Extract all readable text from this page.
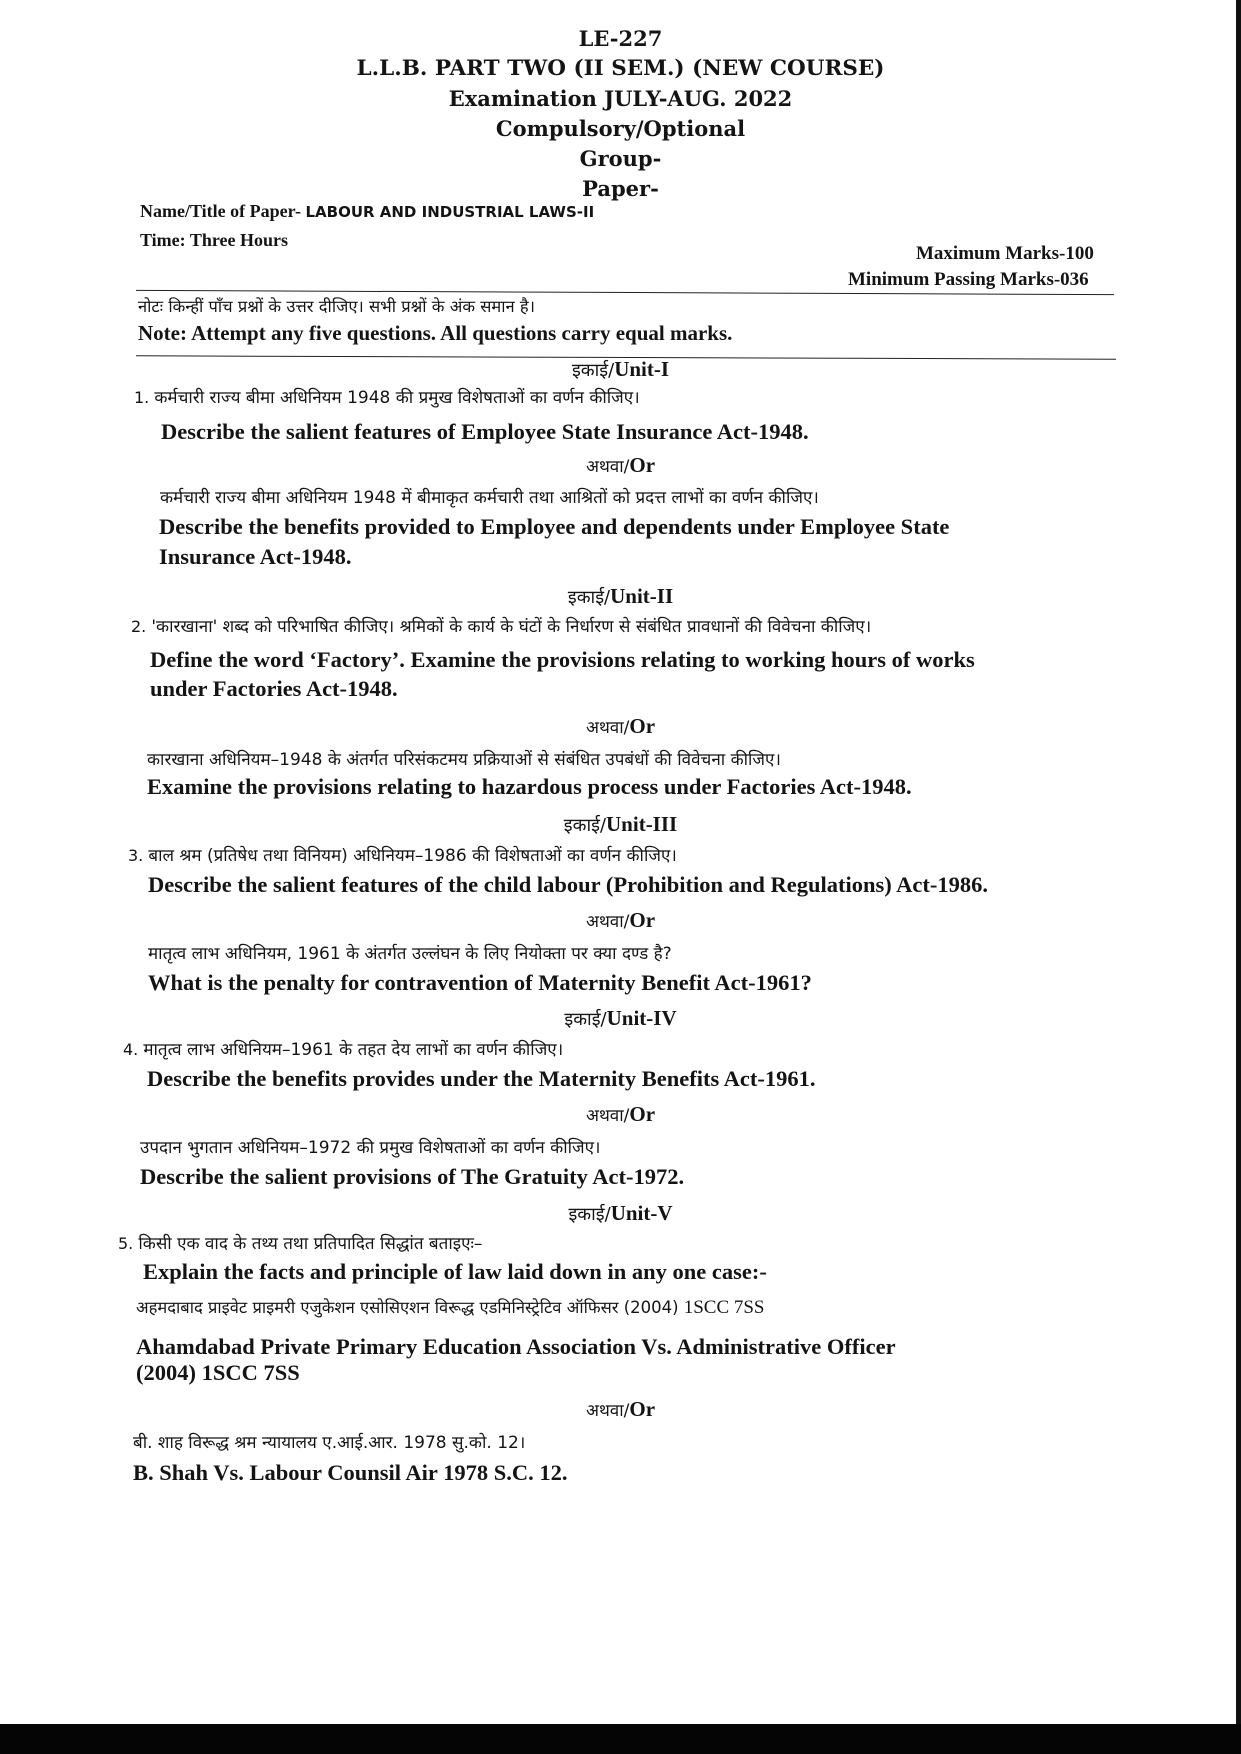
LE-227
L.L.B. PART TWO (II SEM.) (NEW COURSE)
Examination JULY-AUG. 2022
Compulsory/Optional
Group-
Paper-
Name/Title of Paper- LABOUR AND INDUSTRIAL LAWS-II
Time: Three Hours
Maximum Marks-100
Minimum Passing Marks-036
नोटः किन्हीं पाँच प्रश्नों के उत्तर दीजिए। सभी प्रश्नों के अंक समान है।
Note: Attempt any five questions. All questions carry equal marks.
इकाई/Unit-I
1. कर्मचारी राज्य बीमा अधिनियम 1948 की प्रमुख विशेषताओं का वर्णन कीजिए।
Describe the salient features of Employee State Insurance Act-1948.
अथवा/Or
कर्मचारी राज्य बीमा अधिनियम 1948 में बीमाकृत कर्मचारी तथा आश्रितों को प्रदत्त लाभों का वर्णन कीजिए।
Describe the benefits provided to Employee and dependents under Employee State
Insurance Act-1948.
इकाई/Unit-II
2. 'कारखाना' शब्द को परिभाषित कीजिए। श्रमिकों के कार्य के घंटों के निर्धारण से संबंधित प्रावधानों की विवेचना कीजिए।
Define the word ‘Factory’. Examine the provisions relating to working hours of works
under Factories Act-1948.
अथवा/Or
कारखाना अधिनियम–1948 के अंतर्गत परिसंकटमय प्रक्रियाओं से संबंधित उपबंधों की विवेचना कीजिए।
Examine the provisions relating to hazardous process under Factories Act-1948.
इकाई/Unit-III
3. बाल श्रम (प्रतिषेध तथा विनियम) अधिनियम–1986 की विशेषताओं का वर्णन कीजिए।
Describe the salient features of the child labour (Prohibition and Regulations) Act-1986.
अथवा/Or
मातृत्व लाभ अधिनियम, 1961 के अंतर्गत उल्लंघन के लिए नियोक्ता पर क्या दण्ड है?
What is the penalty for contravention of Maternity Benefit Act-1961?
इकाई/Unit-IV
4. मातृत्व लाभ अधिनियम–1961 के तहत देय लाभों का वर्णन कीजिए।
Describe the benefits provides under the Maternity Benefits Act-1961.
अथवा/Or
उपदान भुगतान अधिनियम–1972 की प्रमुख विशेषताओं का वर्णन कीजिए।
Describe the salient provisions of The Gratuity Act-1972.
इकाई/Unit-V
5. किसी एक वाद के तथ्य तथा प्रतिपादित सिद्धांत बताइएः–
Explain the facts and principle of law laid down in any one case:-
अहमदाबाद प्राइवेट प्राइमरी एजुकेशन एसोसिएशन विरूद्ध एडमिनिस्ट्रेटिव ऑफिसर (2004) 1SCC 7SS
Ahamdabad Private Primary Education Association Vs. Administrative Officer
(2004) 1SCC 7SS
अथवा/Or
बी. शाह विरूद्ध श्रम न्यायालय ए.आई.आर. 1978 सु.को. 12।
B. Shah Vs. Labour Counsil Air 1978 S.C. 12.
